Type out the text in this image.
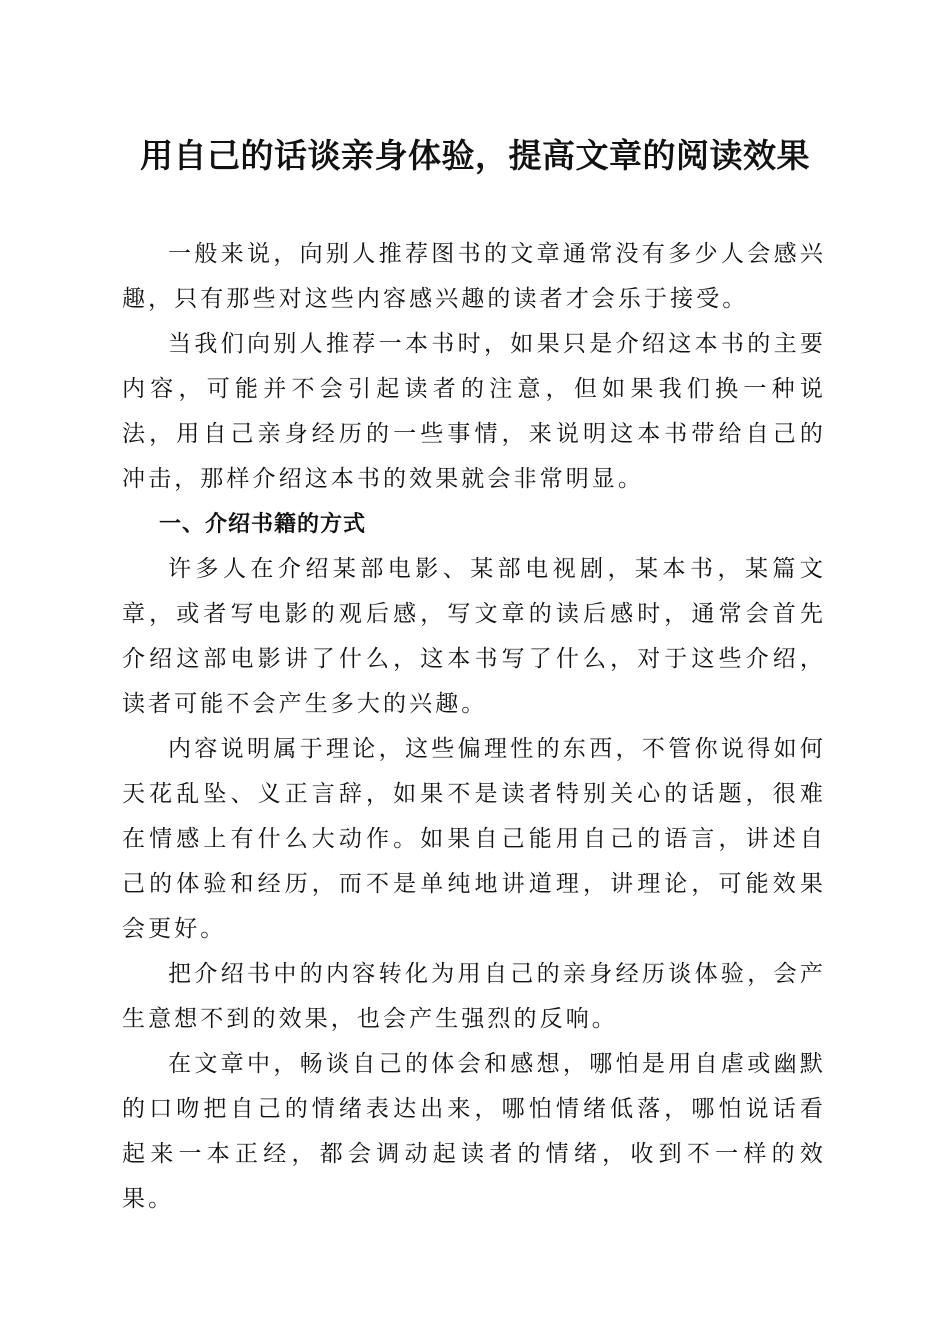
用自己的话谈亲身体验，提高文章的阅读效果

一般来说，向别人推荐图书的文章通常没有多少人会感兴趣，只有那些对这些内容感兴趣的读者才会乐于接受。

当我们向别人推荐一本书时，如果只是介绍这本书的主要内容，可能并不会引起读者的注意，但如果我们换一种说法，用自己亲身经历的一些事情，来说明这本书带给自己的冲击，那样介绍这本书的效果就会非常明显。

一、介绍书籍的方式

许多人在介绍某部电影、某部电视剧，某本书，某篇文章，或者写电影的观后感，写文章的读后感时，通常会首先介绍这部电影讲了什么，这本书写了什么，对于这些介绍，读者可能不会产生多大的兴趣。

内容说明属于理论，这些偏理性的东西，不管你说得如何天花乱坠、义正言辞，如果不是读者特别关心的话题，很难在情感上有什么大动作。如果自己能用自己的语言，讲述自己的体验和经历，而不是单纯地讲道理，讲理论，可能效果会更好。

把介绍书中的内容转化为用自己的亲身经历谈体验，会产生意想不到的效果，也会产生强烈的反响。

在文章中，畅谈自己的体会和感想，哪怕是用自虐或幽默的口吻把自己的情绪表达出来，哪怕情绪低落，哪怕说话看起来一本正经，都会调动起读者的情绪，收到不一样的效果。
